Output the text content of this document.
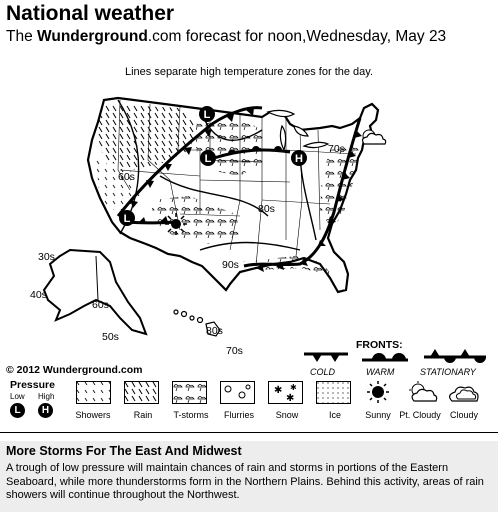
National weather
The Wunderground.com forecast for noon,Wednesday, May 23
Lines separate high temperature zones for the day.
L
L
L
H
60s
70s
80s
90s
30s
40s
60s
50s	80s
70s
© 2012 Wunderground.com
FRONTS:
COLD	WARM	STATIONARY
Pressure
Low High
L	H
✱
✱
✱
Showers	Rain	T-storms	Flurries	Snow	Ice	Sunny Pt. Cloudy	Cloudy
More Storms For The East And Midwest
A trough of low pressure will maintain chances of rain and storms in portions of the Eastern Seaboard, while more thunderstorms form in the Northern Plains. Behind this activity, areas of rain showers will continue throughout the Northwest.
